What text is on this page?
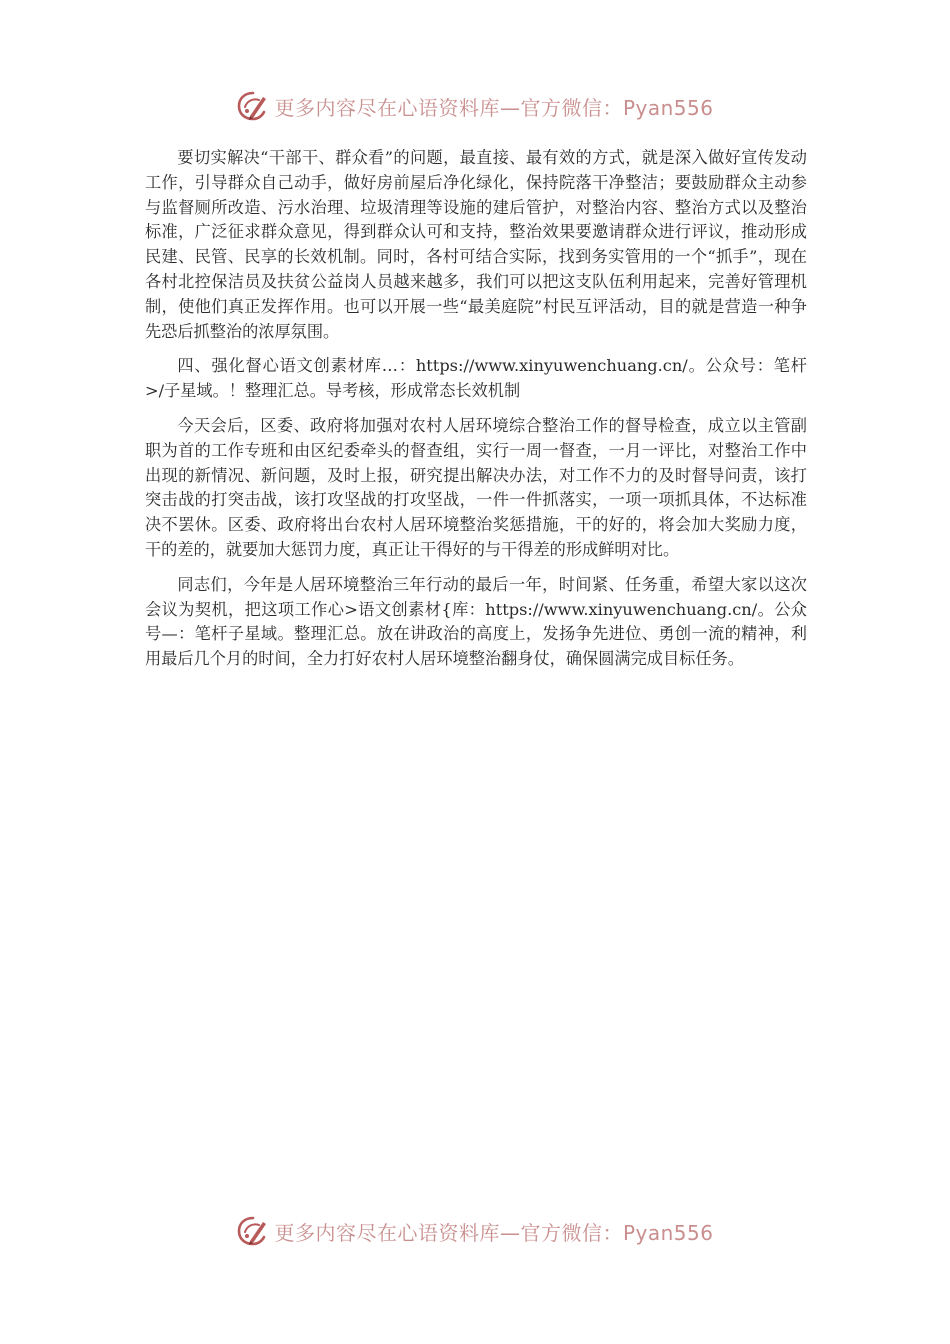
更多内容尽在心语资料库—官方微信：Pyan556

要切实解决“干部干、群众看”的问题，最直接、最有效的方式，就是深入做好宣传发动工作，引导群众自己动手，做好房前屋后净化绿化，保持院落干净整洁；要鼓励群众主动参与监督厕所改造、污水治理、垃圾清理等设施的建后管护，对整治内容、整治方式以及整治标准，广泛征求群众意见，得到群众认可和支持，整治效果要邀请群众进行评议，推动形成民建、民管、民享的长效机制。同时，各村可结合实际，找到务实管用的一个“抓手”，现在各村北控保洁员及扶贫公益岗人员越来越多，我们可以把这支队伍利用起来，完善好管理机制，使他们真正发挥作用。也可以开展一些“最美庭院”村民互评活动，目的就是营造一种争先恐后抓整治的浓厚氛围。

四、强化督心语文创素材库…：https://www.xinyuwenchuang.cn/。公众号：笔杆>/子星域。！整理汇总。导考核，形成常态长效机制

今天会后，区委、政府将加强对农村人居环境综合整治工作的督导检查，成立以主管副职为首的工作专班和由区纪委牵头的督查组，实行一周一督查，一月一评比，对整治工作中出现的新情况、新问题，及时上报，研究提出解决办法，对工作不力的及时督导问责，该打突击战的打突击战，该打攻坚战的打攻坚战，一件一件抓落实，一项一项抓具体，不达标准决不罢休。区委、政府将出台农村人居环境整治奖惩措施，干的好的，将会加大奖励力度，干的差的，就要加大惩罚力度，真正让干得好的与干得差的形成鲜明对比。

同志们，今年是人居环境整治三年行动的最后一年，时间紧、任务重，希望大家以这次会议为契机，把这项工作心>语文创素材{库：https://www.xinyuwenchuang.cn/。公众号—：笔杆子星域。整理汇总。放在讲政治的高度上，发扬争先进位、勇创一流的精神，利用最后几个月的时间，全力打好农村人居环境整治翻身仗，确保圆满完成目标任务。

更多内容尽在心语资料库—官方微信：Pyan556
